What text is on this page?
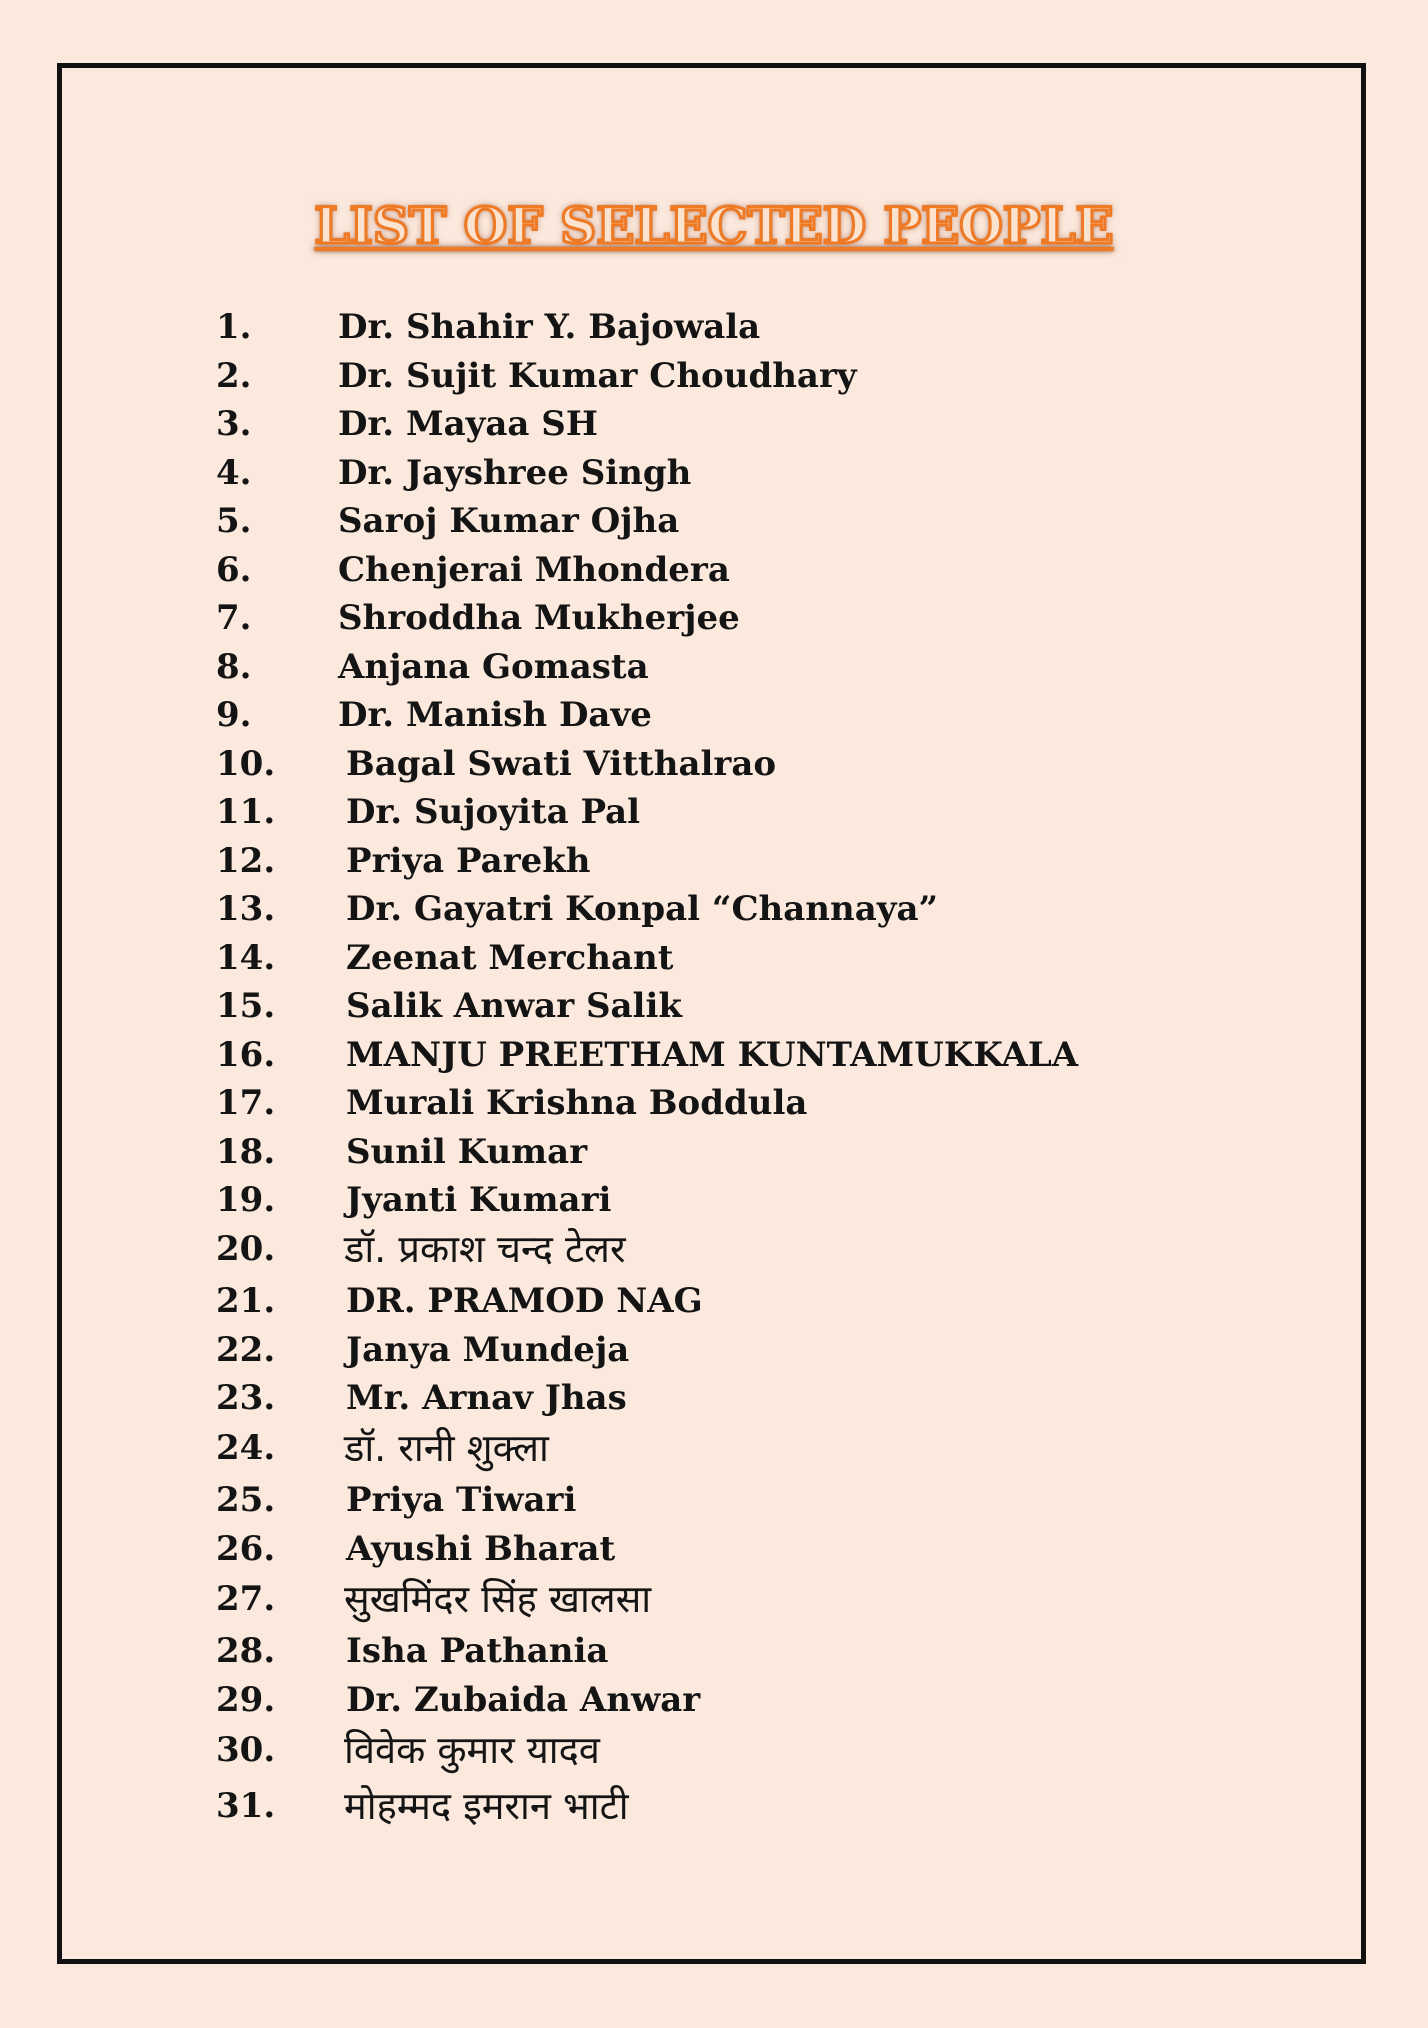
LIST OF SELECTED PEOPLE
1.	Dr. Shahir Y. Bajowala
2.	Dr. Sujit Kumar Choudhary
3.	Dr. Mayaa SH
4.	Dr. Jayshree Singh
5.	Saroj Kumar Ojha
6.	Chenjerai Mhondera
7.	Shroddha Mukherjee
8.	Anjana Gomasta
9.	Dr. Manish Dave
10. Bagal Swati Vitthalrao
11. Dr. Sujoyita Pal
12. Priya Parekh
13. Dr. Gayatri Konpal “Channaya”
14. Zeenat Merchant
15. Salik Anwar Salik
16. MANJU PREETHAM KUNTAMUKKALA
17. Murali Krishna Boddula
18. Sunil Kumar
19. Jyanti Kumari
20. डॉ. प्रकाश चन्द टेलर
21. DR. PRAMOD NAG
22. Janya Mundeja
23. Mr. Arnav Jhas
24. डॉ. रानी शुक्ला
25. Priya Tiwari
26. Ayushi Bharat
27. सुखमिंदर सिंह खालसा
28. Isha Pathania
29. Dr. Zubaida Anwar
30. विवेक कुमार यादव
31. मोहम्मद इमरान भाटी
